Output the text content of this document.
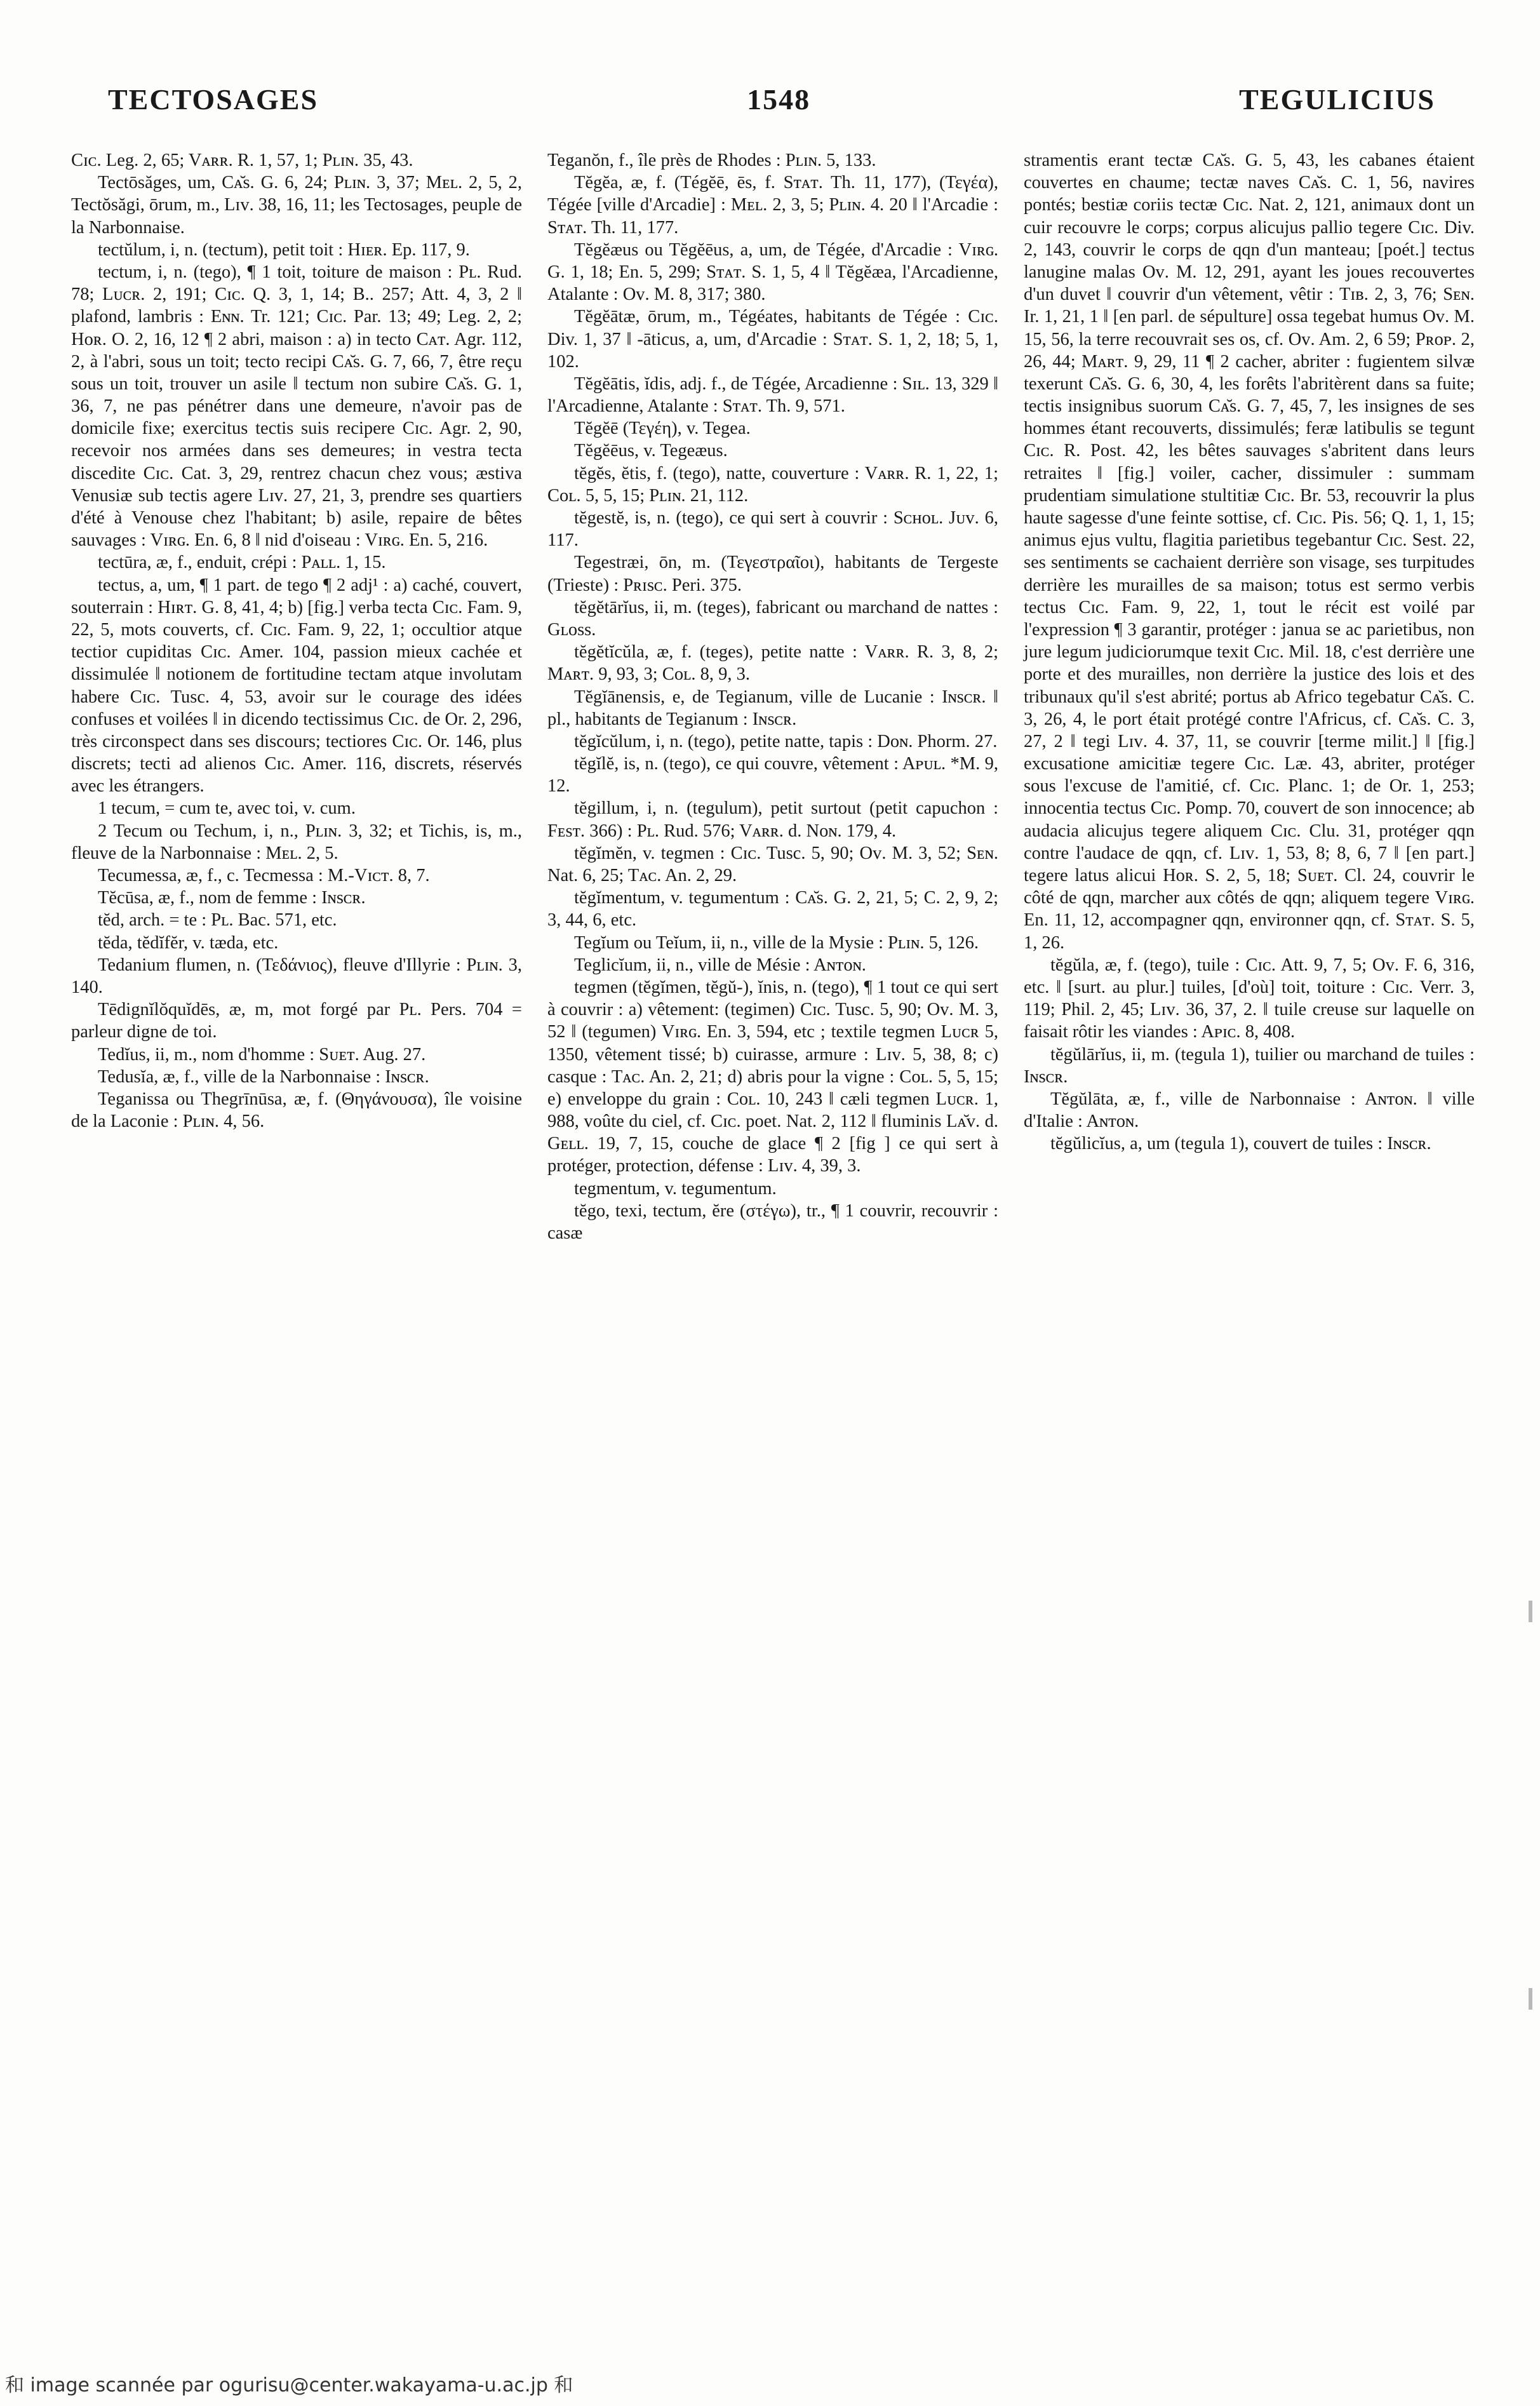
TECTOSAGES	1548	TEGULICIUS

Cɪᴄ. Leg. 2, 65; Vᴀʀʀ. R. 1, 57, 1; Pʟɪɴ. 35, 43.

Tectōsăges, um, Cᴀ̆s. G. 6, 24; Pʟɪɴ. 3, 37; Mᴇʟ. 2, 5, 2, Tectŏsăgi, ōrum, m., Lɪᴠ. 38, 16, 11; les Tectosages, peuple de la Narbonnaise.

tectŭlum, i, n. (tectum), petit toit : Hɪᴇʀ. Ep. 117, 9.

tectum, i, n. (tego), ¶ 1 toit, toiture de maison : Pʟ. Rud. 78; Lᴜᴄʀ. 2, 191; Cɪᴄ. Q. 3, 1, 14; B.. 257; Att. 4, 3, 2 ‖ plafond, lambris : Eɴɴ. Tr. 121; Cɪᴄ. Par. 13; 49; Leg. 2, 2; Hᴏʀ. O. 2, 16, 12 ¶ 2 abri, maison : a) in tecto Cᴀᴛ. Agr. 112, 2, à l'abri, sous un toit; tecto recipi Cᴀ̆s. G. 7, 66, 7, être reçu sous un toit, trouver un asile ‖ tectum non subire Cᴀ̆s. G. 1, 36, 7, ne pas pénétrer dans une demeure, n'avoir pas de domicile fixe; exercitus tectis suis recipere Cɪᴄ. Agr. 2, 90, recevoir nos armées dans ses demeures; in vestra tecta discedite Cɪᴄ. Cat. 3, 29, rentrez chacun chez vous; æstiva Venusiæ sub tectis agere Lɪᴠ. 27, 21, 3, prendre ses quartiers d'été à Venouse chez l'habitant; b) asile, repaire de bêtes sauvages : Vɪʀɢ. En. 6, 8 ‖ nid d'oiseau : Vɪʀɢ. En. 5, 216.

tectūra, æ, f., enduit, crépi : Pᴀʟʟ. 1, 15.

tectus, a, um, ¶ 1 part. de tego ¶ 2 adj¹ : a) caché, couvert, souterrain : Hɪʀᴛ. G. 8, 41, 4; b) [fig.] verba tecta Cɪᴄ. Fam. 9, 22, 5, mots couverts, cf. Cɪᴄ. Fam. 9, 22, 1; occultior atque tectior cupiditas Cɪᴄ. Amer. 104, passion mieux cachée et dissimulée ‖ notionem de fortitudine tectam atque involutam habere Cɪᴄ. Tusc. 4, 53, avoir sur le courage des idées confuses et voilées ‖ in dicendo tectissimus Cɪᴄ. de Or. 2, 296, très circonspect dans ses discours; tectiores Cɪᴄ. Or. 146, plus discrets; tecti ad alienos Cɪᴄ. Amer. 116, discrets, réservés avec les étrangers.

1 tecum, = cum te, avec toi, v. cum.

2 Tecum ou Techum, i, n., Pʟɪɴ. 3, 32; et Tichis, is, m., fleuve de la Narbonnaise : Mᴇʟ. 2, 5.

Tecumessa, æ, f., c. Tecmessa : M.-Vɪᴄᴛ. 8, 7.

Tĕcūsa, æ, f., nom de femme : Iɴsᴄʀ.

tĕd, arch. = te : Pʟ. Bac. 571, etc.

tĕda, tĕdĭfĕr, v. tæda, etc.

Tedanium flumen, n. (Τεδάνιος), fleuve d'Illyrie : Pʟɪɴ. 3, 140.

Tēdignĭlŏquĭdēs, æ, m, mot forgé par Pʟ. Pers. 704 = parleur digne de toi.

Tedĭus, ii, m., nom d'homme : Sᴜᴇᴛ. Aug. 27.

Tedusĭa, æ, f., ville de la Narbonnaise : Iɴsᴄʀ.

Teganissa ou Thegrīnūsa, æ, f. (Θηγάνουσα), île voisine de la Laconie : Pʟɪɴ. 4, 56.

Teganŏn, f., île près de Rhodes : Pʟɪɴ. 5, 133.

Tĕgĕa, æ, f. (Tégĕē, ēs, f. Sᴛᴀᴛ. Th. 11, 177), (Τεγέα), Tégée [ville d'Arcadie] : Mᴇʟ. 2, 3, 5; Pʟɪɴ. 4. 20 ‖ l'Arcadie : Sᴛᴀᴛ. Th. 11, 177.

Tĕgĕæus ou Tĕgĕēus, a, um, de Tégée, d'Arcadie : Vɪʀɢ. G. 1, 18; En. 5, 299; Sᴛᴀᴛ. S. 1, 5, 4 ‖ Tĕgĕæa, l'Arcadienne, Atalante : Oᴠ. M. 8, 317; 380.

Tĕgĕātæ, ōrum, m., Tégéates, habitants de Tégée : Cɪᴄ. Div. 1, 37 ‖ -āticus, a, um, d'Arcadie : Sᴛᴀᴛ. S. 1, 2, 18; 5, 1, 102.

Tĕgĕātis, ĭdis, adj. f., de Tégée, Arcadienne : Sɪʟ. 13, 329 ‖ l'Arcadienne, Atalante : Sᴛᴀᴛ. Th. 9, 571.

Tĕgĕē (Τεγέη), v. Tegea.

Tĕgĕēus, v. Tegeæus.

tĕgĕs, ĕtis, f. (tego), natte, couverture : Vᴀʀʀ. R. 1, 22, 1; Cᴏʟ. 5, 5, 15; Pʟɪɴ. 21, 112.

tĕgestĕ, is, n. (tego), ce qui sert à couvrir : Sᴄʜᴏʟ. Jᴜᴠ. 6, 117.

Tegestræi, ōn, m. (Τεγεστραῖοι), habitants de Tergeste (Trieste) : Pʀɪsᴄ. Peri. 375.

tĕgĕtārĭus, ii, m. (teges), fabricant ou marchand de nattes : Gʟᴏss.

tĕgĕtĭcŭla, æ, f. (teges), petite natte : Vᴀʀʀ. R. 3, 8, 2; Mᴀʀᴛ. 9, 93, 3; Cᴏʟ. 8, 9, 3.

Tĕgĭānensis, e, de Tegianum, ville de Lucanie : Iɴsᴄʀ. ‖ pl., habitants de Tegianum : Iɴsᴄʀ.

tĕgĭcŭlum, i, n. (tego), petite natte, tapis : Dᴏɴ. Phorm. 27.

tĕgĭlĕ, is, n. (tego), ce qui couvre, vêtement : Aᴘᴜʟ. *M. 9, 12.

tĕgillum, i, n. (tegulum), petit surtout (petit capuchon : Fᴇsᴛ. 366) : Pʟ. Rud. 576; Vᴀʀʀ. d. Nᴏɴ. 179, 4.

tĕgĭmĕn, v. tegmen : Cɪᴄ. Tusc. 5, 90; Oᴠ. M. 3, 52; Sᴇɴ. Nat. 6, 25; Tᴀᴄ. An. 2, 29.

tĕgĭmentum, v. tegumentum : Cᴀ̆s. G. 2, 21, 5; C. 2, 9, 2; 3, 44, 6, etc.

Tegĭum ou Teĭum, ii, n., ville de la Mysie : Pʟɪɴ. 5, 126.

Teglicĭum, ii, n., ville de Mésie : Aɴᴛᴏɴ.

tegmen (tĕgĭmen, tĕgŭ-), ĭnis, n. (tego), ¶ 1 tout ce qui sert à couvrir : a) vêtement: (tegimen) Cɪᴄ. Tusc. 5, 90; Oᴠ. M. 3, 52 ‖ (tegumen) Vɪʀɢ. En. 3, 594, etc ; textile tegmen Lᴜᴄʀ 5, 1350, vêtement tissé; b) cuirasse, armure : Lɪᴠ. 5, 38, 8; c) casque : Tᴀᴄ. An. 2, 21; d) abris pour la vigne : Cᴏʟ. 5, 5, 15; e) enveloppe du grain : Cᴏʟ. 10, 243 ‖ cæli tegmen Lᴜᴄʀ. 1, 988, voûte du ciel, cf. Cɪᴄ. poet. Nat. 2, 112 ‖ fluminis Lᴀ̆ᴠ. d. Gᴇʟʟ. 19, 7, 15, couche de glace ¶ 2 [fig ] ce qui sert à protéger, protection, défense : Lɪᴠ. 4, 39, 3.

tegmentum, v. tegumentum.

tĕgo, texi, tectum, ĕre (στέγω), tr., ¶ 1 couvrir, recouvrir : casæ

stramentis erant tectæ Cᴀ̆s. G. 5, 43, les cabanes étaient couvertes en chaume; tectæ naves Cᴀ̆s. C. 1, 56, navires pontés; bestiæ coriis tectæ Cɪᴄ. Nat. 2, 121, animaux dont un cuir recouvre le corps; corpus alicujus pallio tegere Cɪᴄ. Div. 2, 143, couvrir le corps de qqn d'un manteau; [poét.] tectus lanugine malas Oᴠ. M. 12, 291, ayant les joues recouvertes d'un duvet ‖ couvrir d'un vêtement, vêtir : Tɪʙ. 2, 3, 76; Sᴇɴ. Ir. 1, 21, 1 ‖ [en parl. de sépulture] ossa tegebat humus Oᴠ. M. 15, 56, la terre recouvrait ses os, cf. Oᴠ. Am. 2, 6 59; Pʀᴏᴘ. 2, 26, 44; Mᴀʀᴛ. 9, 29, 11 ¶ 2 cacher, abriter : fugientem silvæ texerunt Cᴀ̆s. G. 6, 30, 4, les forêts l'abritèrent dans sa fuite; tectis insignibus suorum Cᴀ̆s. G. 7, 45, 7, les insignes de ses hommes étant recouverts, dissimulés; feræ latibulis se tegunt Cɪᴄ. R. Post. 42, les bêtes sauvages s'abritent dans leurs retraites ‖ [fig.] voiler, cacher, dissimuler : summam prudentiam simulatione stultitiæ Cɪᴄ. Br. 53, recouvrir la plus haute sagesse d'une feinte sottise, cf. Cɪᴄ. Pis. 56; Q. 1, 1, 15; animus ejus vultu, flagitia parietibus tegebantur Cɪᴄ. Sest. 22, ses sentiments se cachaient derrière son visage, ses turpitudes derrière les murailles de sa maison; totus est sermo verbis tectus Cɪᴄ. Fam. 9, 22, 1, tout le récit est voilé par l'expression ¶ 3 garantir, protéger : janua se ac parietibus, non jure legum judiciorumque texit Cɪᴄ. Mil. 18, c'est derrière une porte et des murailles, non derrière la justice des lois et des tribunaux qu'il s'est abrité; portus ab Africo tegebatur Cᴀ̆s. C. 3, 26, 4, le port était protégé contre l'Africus, cf. Cᴀ̆s. C. 3, 27, 2 ‖ tegi Lɪᴠ. 4. 37, 11, se couvrir [terme milit.] ‖ [fig.] excusatione amicitiæ tegere Cɪᴄ. Læ. 43, abriter, protéger sous l'excuse de l'amitié, cf. Cɪᴄ. Planc. 1; de Or. 1, 253; innocentia tectus Cɪᴄ. Pomp. 70, couvert de son innocence; ab audacia alicujus tegere aliquem Cɪᴄ. Clu. 31, protéger qqn contre l'audace de qqn, cf. Lɪᴠ. 1, 53, 8; 8, 6, 7 ‖ [en part.] tegere latus alicui Hᴏʀ. S. 2, 5, 18; Sᴜᴇᴛ. Cl. 24, couvrir le côté de qqn, marcher aux côtés de qqn; aliquem tegere Vɪʀɢ. En. 11, 12, accompagner qqn, environner qqn, cf. Sᴛᴀᴛ. S. 5, 1, 26.

tĕgŭla, æ, f. (tego), tuile : Cɪᴄ. Att. 9, 7, 5; Oᴠ. F. 6, 316, etc. ‖ [surt. au plur.] tuiles, [d'où] toit, toiture : Cɪᴄ. Verr. 3, 119; Phil. 2, 45; Lɪᴠ. 36, 37, 2. ‖ tuile creuse sur laquelle on faisait rôtir les viandes : Aᴘɪᴄ. 8, 408.

tĕgŭlārĭus, ii, m. (tegula 1), tuilier ou marchand de tuiles : Iɴsᴄʀ.

Tĕgŭlāta, æ, f., ville de Narbonnaise : Aɴᴛᴏɴ. ‖ ville d'Italie : Aɴᴛᴏɴ.

tĕgŭlicĭus, a, um (tegula 1), couvert de tuiles : Iɴsᴄʀ.

和 image scannée par ogurisu@center.wakayama-u.ac.jp 和
